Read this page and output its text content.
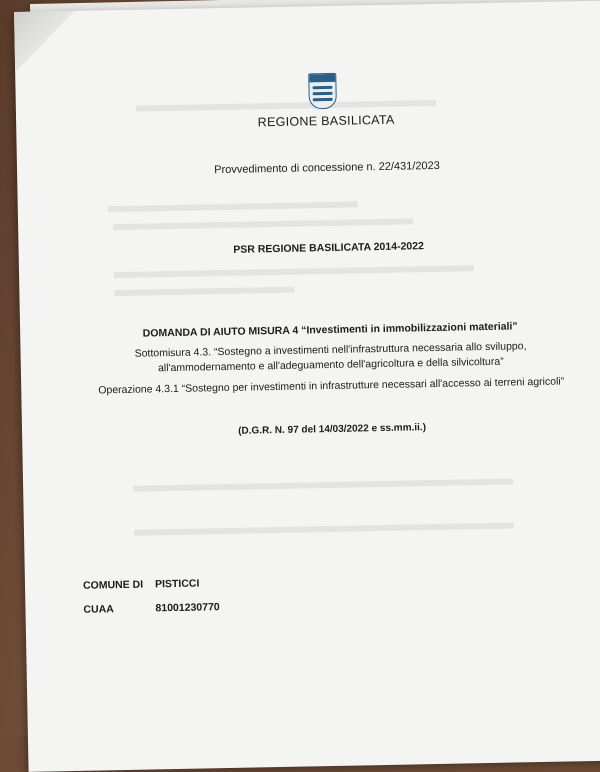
REGIONE BASILICATA
Provvedimento di concessione n. 22/431/2023
PSR REGIONE BASILICATA 2014-2022
DOMANDA DI AIUTO MISURA 4 “Investimenti in immobilizzazioni materiali”
Sottomisura 4.3. “Sostegno a investimenti nell'infrastruttura necessaria allo sviluppo,
all'ammodernamento e all'adeguamento dell'agricoltura e della silvicoltura”
Operazione 4.3.1 “Sostegno per investimenti in infrastrutture necessari all'accesso ai terreni agricoli”
(D.G.R. N. 97 del 14/03/2022 e ss.mm.ii.)
COMUNE DI PISTICCI
CUAA	81001230770
